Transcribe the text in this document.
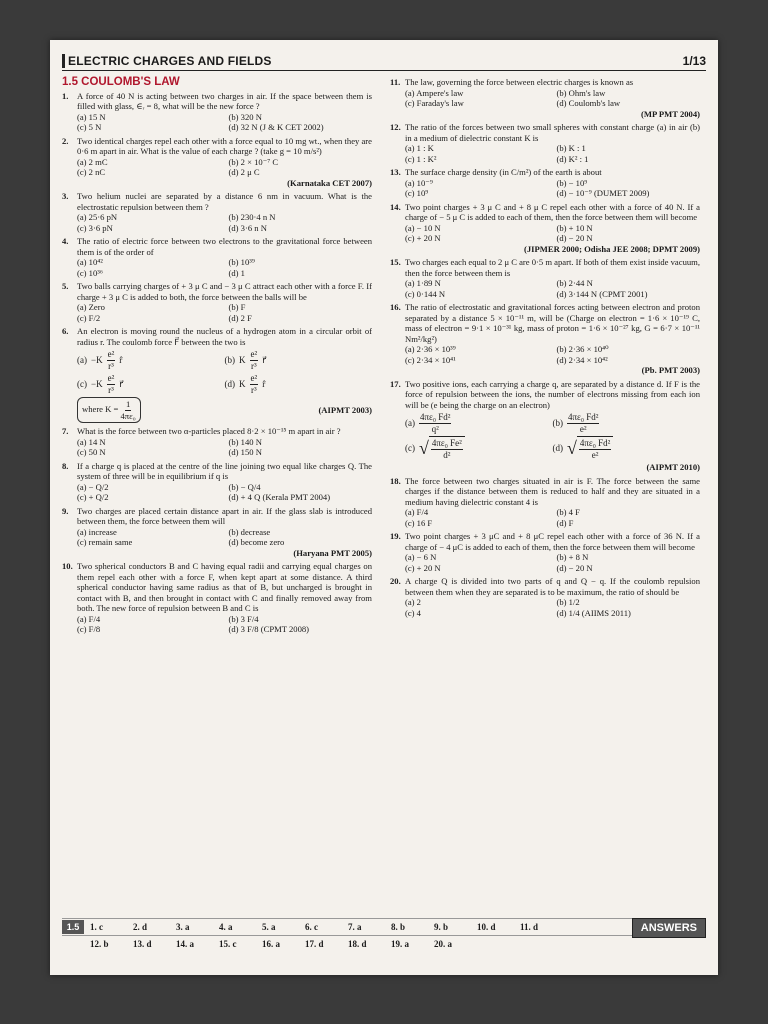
ELECTRIC CHARGES AND FIELDS	1/13
1.5 COULOMB'S LAW
1. A force of 40 N is acting between two charges in air. If the space between them is filled with glass, ∈ᵣ = 8, what will be the new force ?
(a) 15 N	(b) 320 N
(c) 5 N	(d) 32 N (J & K CET 2002)
2. Two identical charges repel each other with a force equal to 10 mg wt., when they are 0·6 m apart in air. What is the value of each charge ? (take g = 10 m/s²)
(a) 2 mC	(b) 2 × 10⁻⁷ C
(c) 2 nC	(d) 2 μ C
(Karnataka CET 2007)
3. Two helium nuclei are separated by a distance 6 nm in vacuum. What is the electrostatic repulsion between them ?
(a) 25·6 pN	(b) 230·4 n N
(c) 3·6 pN	(d) 3·6 n N
4. The ratio of electric force between two electrons to the gravitational force between them is of the order of
(a) 10⁴²	(b) 10³⁹
(c) 10³⁶	(d) 1
5. Two balls carrying charges of + 3 μ C and − 3 μ C attract each other with a force F. If charge + 3 μ C is added to both, the force between the balls will be
(a) Zero	(b) F
(c) F/2	(d) 2 F
6. An electron is moving round the nucleus of a hydrogen atom in a circular orbit of radius r. The coulomb force F⃗ between the two is
$(a) -K \frac{\text{e²}}{\text{r³}}$ r̂	(b) K $\frac{\text{e²}}{\text{r³}}$ r⃗
$(c) -K \frac{\text{e²}}{\text{r³}}$ r⃗	(d) K $\frac{\text{e²}}{\text{r³}}$ r̂
where $K = \frac{1}{\text{4πε₀}}$	(AIPMT 2003)
7. What is the force between two α-particles placed 8·2 × 10⁻¹⁵ m apart in air ?
(a) 14 N	(b) 140 N
(c) 50 N	(d) 150 N
8. If a charge q is placed at the centre of the line joining two equal like charges Q. The system of three will be in equilibrium if q is
(a) − Q/2	(b) − Q/4
(c) + Q/2	(d) + 4 Q (Kerala PMT 2004)
9. Two charges are placed certain distance apart in air. If the glass slab is introduced between them, the force between them will
(a) increase	(b) decrease
(c) remain same	(d) become zero
(Haryana PMT 2005)
10. Two spherical conductors B and C having equal radii and carrying equal charges on them repel each other with a force F, when kept apart at some distance. A third spherical conductor having same radius as that of B, but uncharged is brought in contact with B, and then brought in contact with C and finally removed away from both. The new force of repulsion between B and C is
(a) F/4	(b) 3 F/4
(c) F/8	(d) 3 F/8 (CPMT 2008)
11. The law, governing the force between electric charges is known as
(a) Ampere's law	(b) Ohm's law
(c) Faraday's law	(d) Coulomb's law
(MP PMT 2004)
12. The ratio of the forces between two small spheres with constant charge (a) in air (b) in a medium of dielectric constant K is
(a) 1 : K	(b) K : 1
(c) 1 : K²	(d) K² : 1
13. The surface charge density (in C/m²) of the earth is about
(a) 10⁻⁹	(b) − 10⁹
(c) 10⁹	(d) − 10⁻⁹ (DUMET 2009)
14. Two point charges + 3 μ C and + 8 μ C repel each other with a force of 40 N. If a charge of − 5 μ C is added to each of them, then the force between them will become
(a) − 10 N	(b) + 10 N
(c) + 20 N	(d) − 20 N
(JIPMER 2000; Odisha JEE 2008; DPMT 2009)
15. Two charges each equal to 2 μ C are 0·5 m apart. If both of them exist inside vacuum, then the force between them is
(a) 1·89 N	(b) 2·44 N
(c) 0·144 N	(d) 3·144 N (CPMT 2001)
16. The ratio of electrostatic and gravitational forces acting between electron and proton separated by a distance 5 × 10⁻¹¹ m, will be (Charge on electron = 1·6 × 10⁻¹⁹ C, mass of electron = 9·1 × 10⁻³¹ kg, mass of proton = 1·6 × 10⁻²⁷ kg, G = 6·7 × 10⁻¹¹ Nm²/kg²)
(a) 2·36 × 10³⁹	(b) 2·36 × 10⁴⁰
(c) 2·34 × 10⁴¹	(d) 2·34 × 10⁴²
(Pb. PMT 2003)
17. Two positive ions, each carrying a charge q, are separated by a distance d. If F is the force of repulsion between the ions, the number of electrons missing from each ion will be (e being the charge on an electron)
$(a) \frac{\text{4πε₀ Fd²}}{\text{q²}}$	$(b) \frac{\text{4πε₀ Fd²}}{\text{e²}}$
(c) √ $\frac{\text{4πε₀ Fe²}}{\text{d²}}$	(d) √ $\frac{\text{4πε₀ Fd²}}{\text{e²}}$
(AIPMT 2010)
18. The force between two charges situated in air is F. The force between the same charges if the distance between them is reduced to half and they are situated in a medium having dielectric constant 4 is
(a) F/4	(b) 4 F
(c) 16 F	(d) F
19. Two point charges + 3 μC and + 8 μC repel each other with a force of 36 N. If a charge of − 4 μC is added to each of them, then the force between them will become
(a) − 6 N	(b) + 8 N
(c) + 20 N	(d) − 20 N
20. A charge Q is divided into two parts of q and Q − q. If the coulomb repulsion between them when they are separated is to be maximum, the ratio of should be
(a) 2	(b) 1/2
(c) 4	(d) 1/4 (AIIMS 2011)
1.5	1. c	2. d	3. a	4. a	5. a	6. c	7. a	8. b	9. b	10. d	11. d
12. b	13. d	14. a	15. c	16. a	17. d	18. d	19. a	20. a
ANSWERS
